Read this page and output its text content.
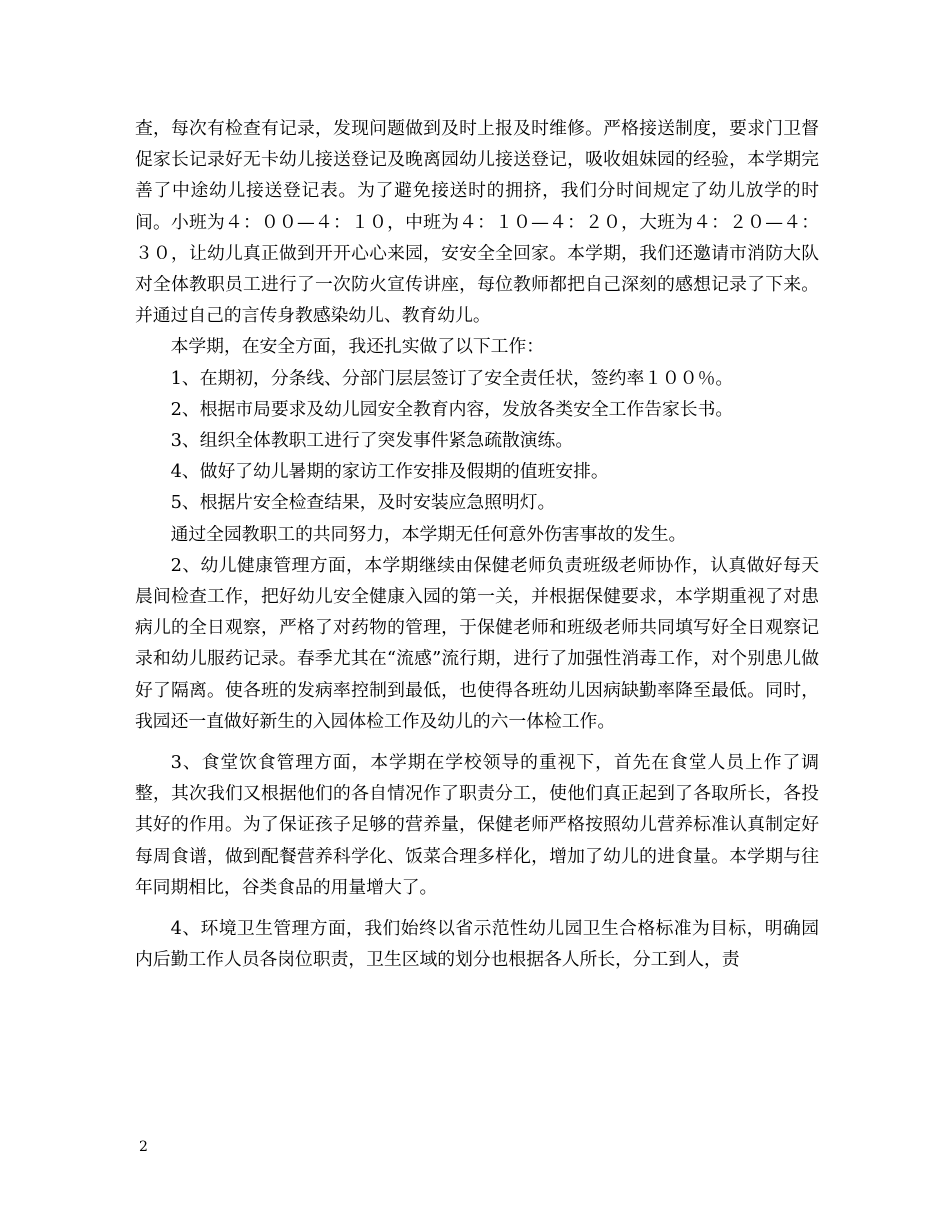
查，每次有检查有记录，发现问题做到及时上报及时维修。严格接送制度，要求门卫督促家长记录好无卡幼儿接送登记及晚离园幼儿接送登记，吸收姐妹园的经验，本学期完善了中途幼儿接送登记表。为了避免接送时的拥挤，我们分时间规定了幼儿放学的时间。小班为４：００—４：１０，中班为４：１０—４：２０，大班为４：２０—４：３０，让幼儿真正做到开开心心来园，安安全全回家。本学期，我们还邀请市消防大队对全体教职员工进行了一次防火宣传讲座，每位教师都把自己深刻的感想记录了下来。并通过自己的言传身教感染幼儿、教育幼儿。

本学期，在安全方面，我还扎实做了以下工作：

1、在期初，分条线、分部门层层签订了安全责任状，签约率１００％。

2、根据市局要求及幼儿园安全教育内容，发放各类安全工作告家长书。

3、组织全体教职工进行了突发事件紧急疏散演练。

4、做好了幼儿暑期的家访工作安排及假期的值班安排。

5、根据片安全检查结果，及时安装应急照明灯。

通过全园教职工的共同努力，本学期无任何意外伤害事故的发生。

2、幼儿健康管理方面，本学期继续由保健老师负责班级老师协作，认真做好每天晨间检查工作，把好幼儿安全健康入园的第一关，并根据保健要求，本学期重视了对患病儿的全日观察，严格了对药物的管理，于保健老师和班级老师共同填写好全日观察记录和幼儿服药记录。春季尤其在“流感”流行期，进行了加强性消毒工作，对个别患儿做好了隔离。使各班的发病率控制到最低，也使得各班幼儿因病缺勤率降至最低。同时，我园还一直做好新生的入园体检工作及幼儿的六一体检工作。

3、食堂饮食管理方面，本学期在学校领导的重视下，首先在食堂人员上作了调整，其次我们又根据他们的各自情况作了职责分工，使他们真正起到了各取所长，各投其好的作用。为了保证孩子足够的营养量，保健老师严格按照幼儿营养标准认真制定好每周食谱，做到配餐营养科学化、饭菜合理多样化，增加了幼儿的进食量。本学期与往年同期相比，谷类食品的用量增大了。

4、环境卫生管理方面，我们始终以省示范性幼儿园卫生合格标准为目标，明确园内后勤工作人员各岗位职责，卫生区域的划分也根据各人所长，分工到人，责

2
